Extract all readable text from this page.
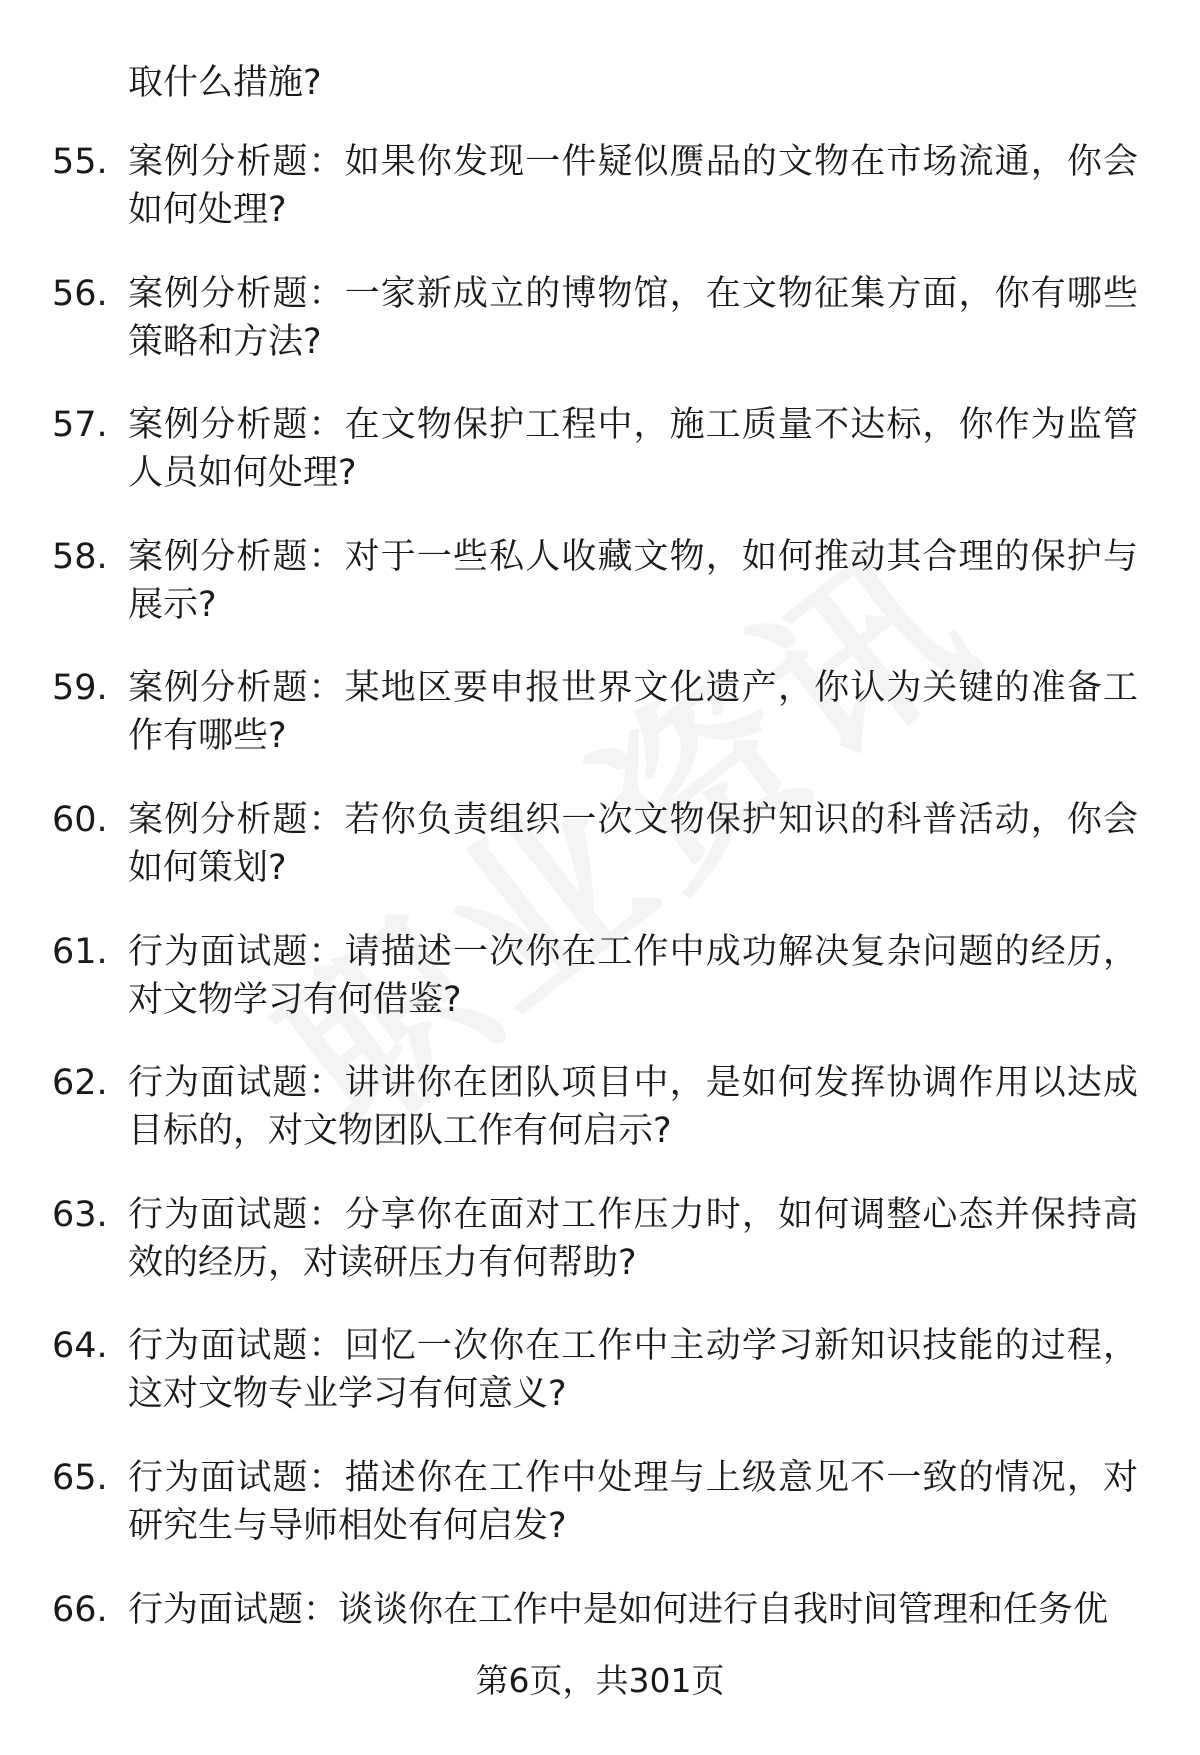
取什么措施?
55. 案例分析题：如果你发现一件疑似赝品的文物在市场流通，你会如何处理?
56. 案例分析题：一家新成立的博物馆，在文物征集方面，你有哪些策略和方法?
57. 案例分析题：在文物保护工程中，施工质量不达标，你作为监管人员如何处理?
58. 案例分析题：对于一些私人收藏文物，如何推动其合理的保护与展示?
59. 案例分析题：某地区要申报世界文化遗产，你认为关键的准备工作有哪些?
60. 案例分析题：若你负责组织一次文物保护知识的科普活动，你会如何策划?
61. 行为面试题：请描述一次你在工作中成功解决复杂问题的经历，对文物学习有何借鉴?
62. 行为面试题：讲讲你在团队项目中，是如何发挥协调作用以达成目标的，对文物团队工作有何启示?
63. 行为面试题：分享你在面对工作压力时，如何调整心态并保持高效的经历，对读研压力有何帮助?
64. 行为面试题：回忆一次你在工作中主动学习新知识技能的过程，这对文物专业学习有何意义?
65. 行为面试题：描述你在工作中处理与上级意见不一致的情况，对研究生与导师相处有何启发?
66. 行为面试题：谈谈你在工作中是如何进行自我时间管理和任务优
第6页，共301页
